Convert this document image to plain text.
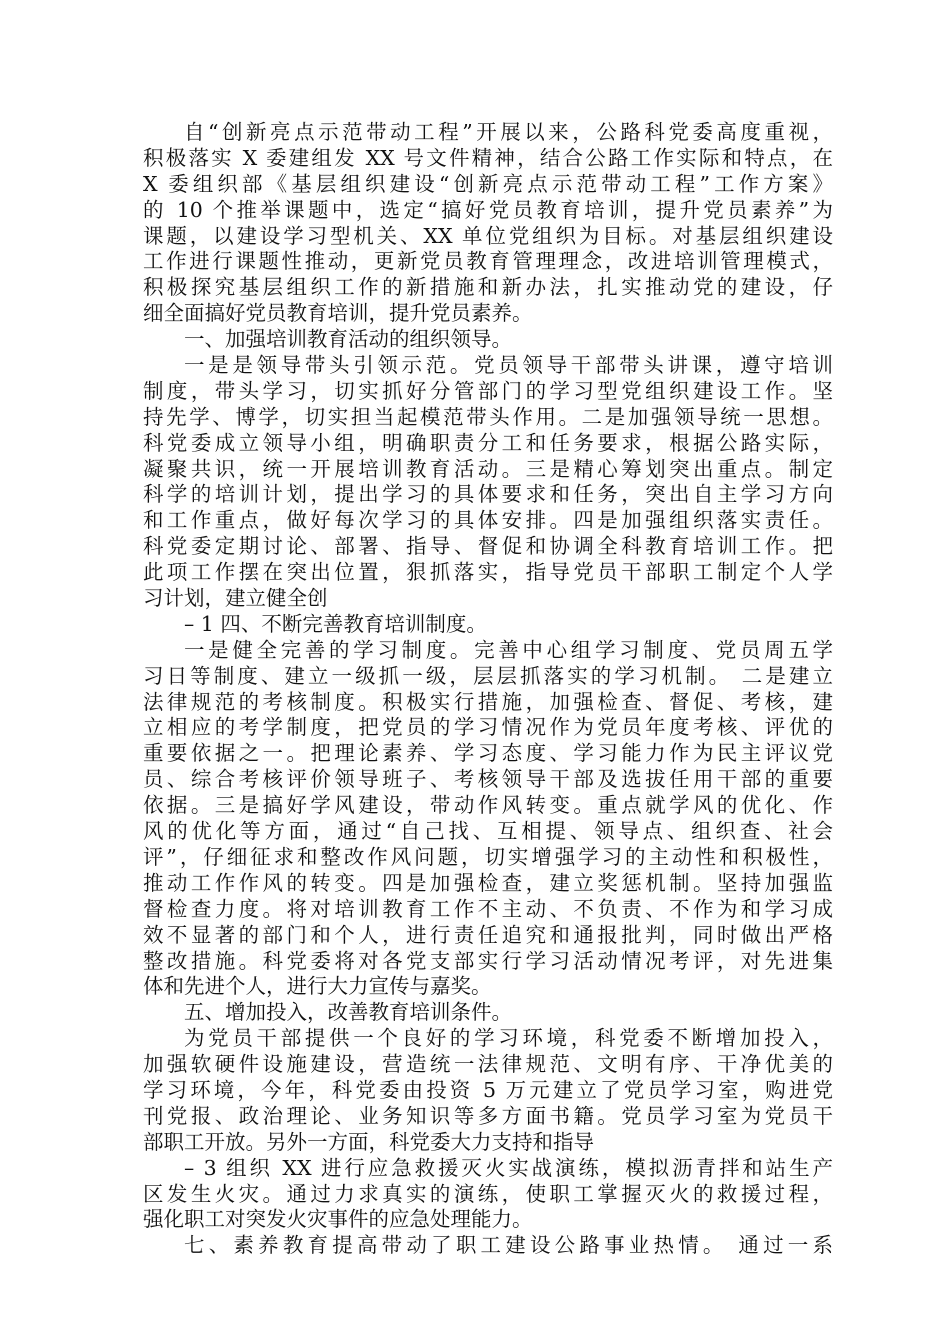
自“创新亮点示范带动工程”开展以来，公路科党委高度重视，
积极落实 X 委建组发 XX 号文件精神，结合公路工作实际和特点，在
X 委组织部《基层组织建设“创新亮点示范带动工程”工作方案》
的 10 个推举课题中，选定“搞好党员教育培训，提升党员素养”为
课题，以建设学习型机关、XX 单位党组织为目标。对基层组织建设
工作进行课题性推动，更新党员教育管理理念，改进培训管理模式，
积极探究基层组织工作的新措施和新办法，扎实推动党的建设，仔
细全面搞好党员教育培训，提升党员素养。
一、加强培训教育活动的组织领导。
一是是领导带头引领示范。党员领导干部带头讲课，遵守培训
制度，带头学习，切实抓好分管部门的学习型党组织建设工作。坚
持先学、博学，切实担当起模范带头作用。二是加强领导统一思想。
科党委成立领导小组，明确职责分工和任务要求，根据公路实际，
凝聚共识，统一开展培训教育活动。三是精心筹划突出重点。制定
科学的培训计划，提出学习的具体要求和任务，突出自主学习方向
和工作重点，做好每次学习的具体安排。四是加强组织落实责任。
科党委定期讨论、部署、指导、督促和协调全科教育培训工作。把
此项工作摆在突出位置，狠抓落实，指导党员干部职工制定个人学
习计划，建立健全创
– 1 四、不断完善教育培训制度。
一是健全完善的学习制度。完善中心组学习制度、党员周五学
习日等制度、建立一级抓一级，层层抓落实的学习机制。 二是建立
法律规范的考核制度。积极实行措施，加强检查、督促、考核，建
立相应的考学制度，把党员的学习情况作为党员年度考核、评优的
重要依据之一。把理论素养、学习态度、学习能力作为民主评议党
员、综合考核评价领导班子、考核领导干部及选拔任用干部的重要
依据。三是搞好学风建设，带动作风转变。重点就学风的优化、作
风的优化等方面，通过“自己找、互相提、领导点、组织查、社会
评”，仔细征求和整改作风问题，切实增强学习的主动性和积极性，
推动工作作风的转变。四是加强检查，建立奖惩机制。坚持加强监
督检查力度。将对培训教育工作不主动、不负责、不作为和学习成
效不显著的部门和个人，进行责任追究和通报批判，同时做出严格
整改措施。科党委将对各党支部实行学习活动情况考评，对先进集
体和先进个人，进行大力宣传与嘉奖。
五、增加投入，改善教育培训条件。
为党员干部提供一个良好的学习环境，科党委不断增加投入，
加强软硬件设施建设，营造统一法律规范、文明有序、干净优美的
学习环境，今年，科党委由投资 5 万元建立了党员学习室，购进党
刊党报、政治理论、业务知识等多方面书籍。党员学习室为党员干
部职工开放。另外一方面，科党委大力支持和指导
– 3 组织 XX 进行应急救援灭火实战演练，模拟沥青拌和站生产
区发生火灾。通过力求真实的演练，使职工掌握灭火的救援过程，
强化职工对突发火灾事件的应急处理能力。
七、素养教育提高带动了职工建设公路事业热情。 通过一系
